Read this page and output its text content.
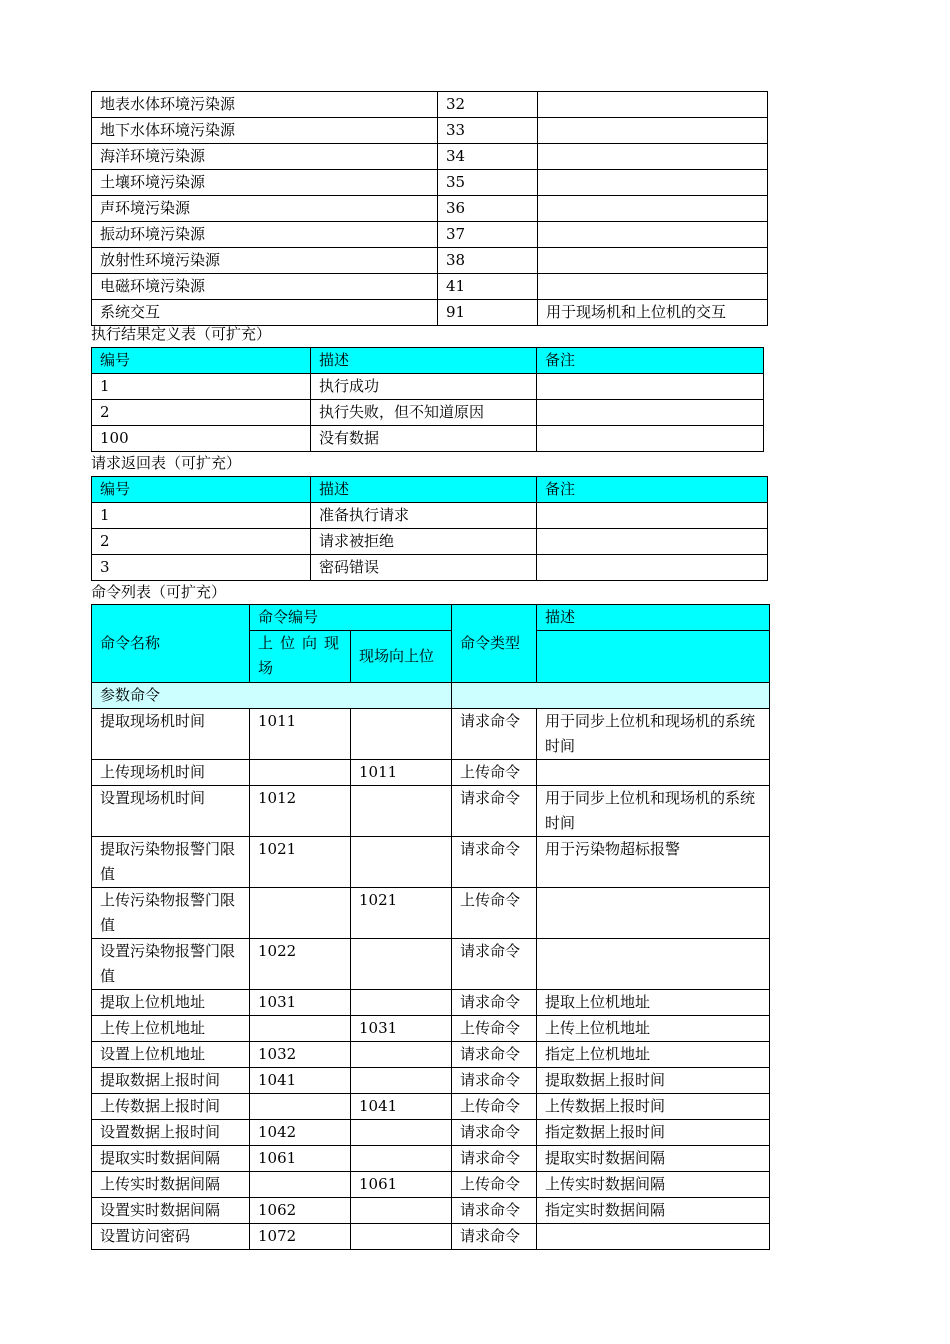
地表水体环境污染源	32	
地下水体环境污染源	33	
海洋环境污染源	34	
土壤环境污染源	35	
声环境污染源	36	
振动环境污染源	37	
放射性环境污染源	38	
电磁环境污染源	41	
系统交互	91	用于现场机和上位机的交互
执行结果定义表（可扩充）
编号	描述	备注
1	执行成功	
2	执行失败，但不知道原因	
100	没有数据	
请求返回表（可扩充）
编号	描述	备注
1	准备执行请求	
2	请求被拒绝	
3	密码错误	
命令列表（可扩充）
命令名称	命令编号		命令类型	描述
	上位向现场	现场向上位		
参数命令				
提取现场机时间	1011		请求命令	用于同步上位机和现场机的系统时间
上传现场机时间		1011	上传命令	
设置现场机时间	1012		请求命令	用于同步上位机和现场机的系统时间
提取污染物报警门限值	1021		请求命令	用于污染物超标报警
上传污染物报警门限值		1021	上传命令	
设置污染物报警门限值	1022		请求命令	
提取上位机地址	1031		请求命令	提取上位机地址
上传上位机地址		1031	上传命令	上传上位机地址
设置上位机地址	1032		请求命令	指定上位机地址
提取数据上报时间	1041		请求命令	提取数据上报时间
上传数据上报时间		1041	上传命令	上传数据上报时间
设置数据上报时间	1042		请求命令	指定数据上报时间
提取实时数据间隔	1061		请求命令	提取实时数据间隔
上传实时数据间隔		1061	上传命令	上传实时数据间隔
设置实时数据间隔	1062		请求命令	指定实时数据间隔
设置访问密码	1072		请求命令	
